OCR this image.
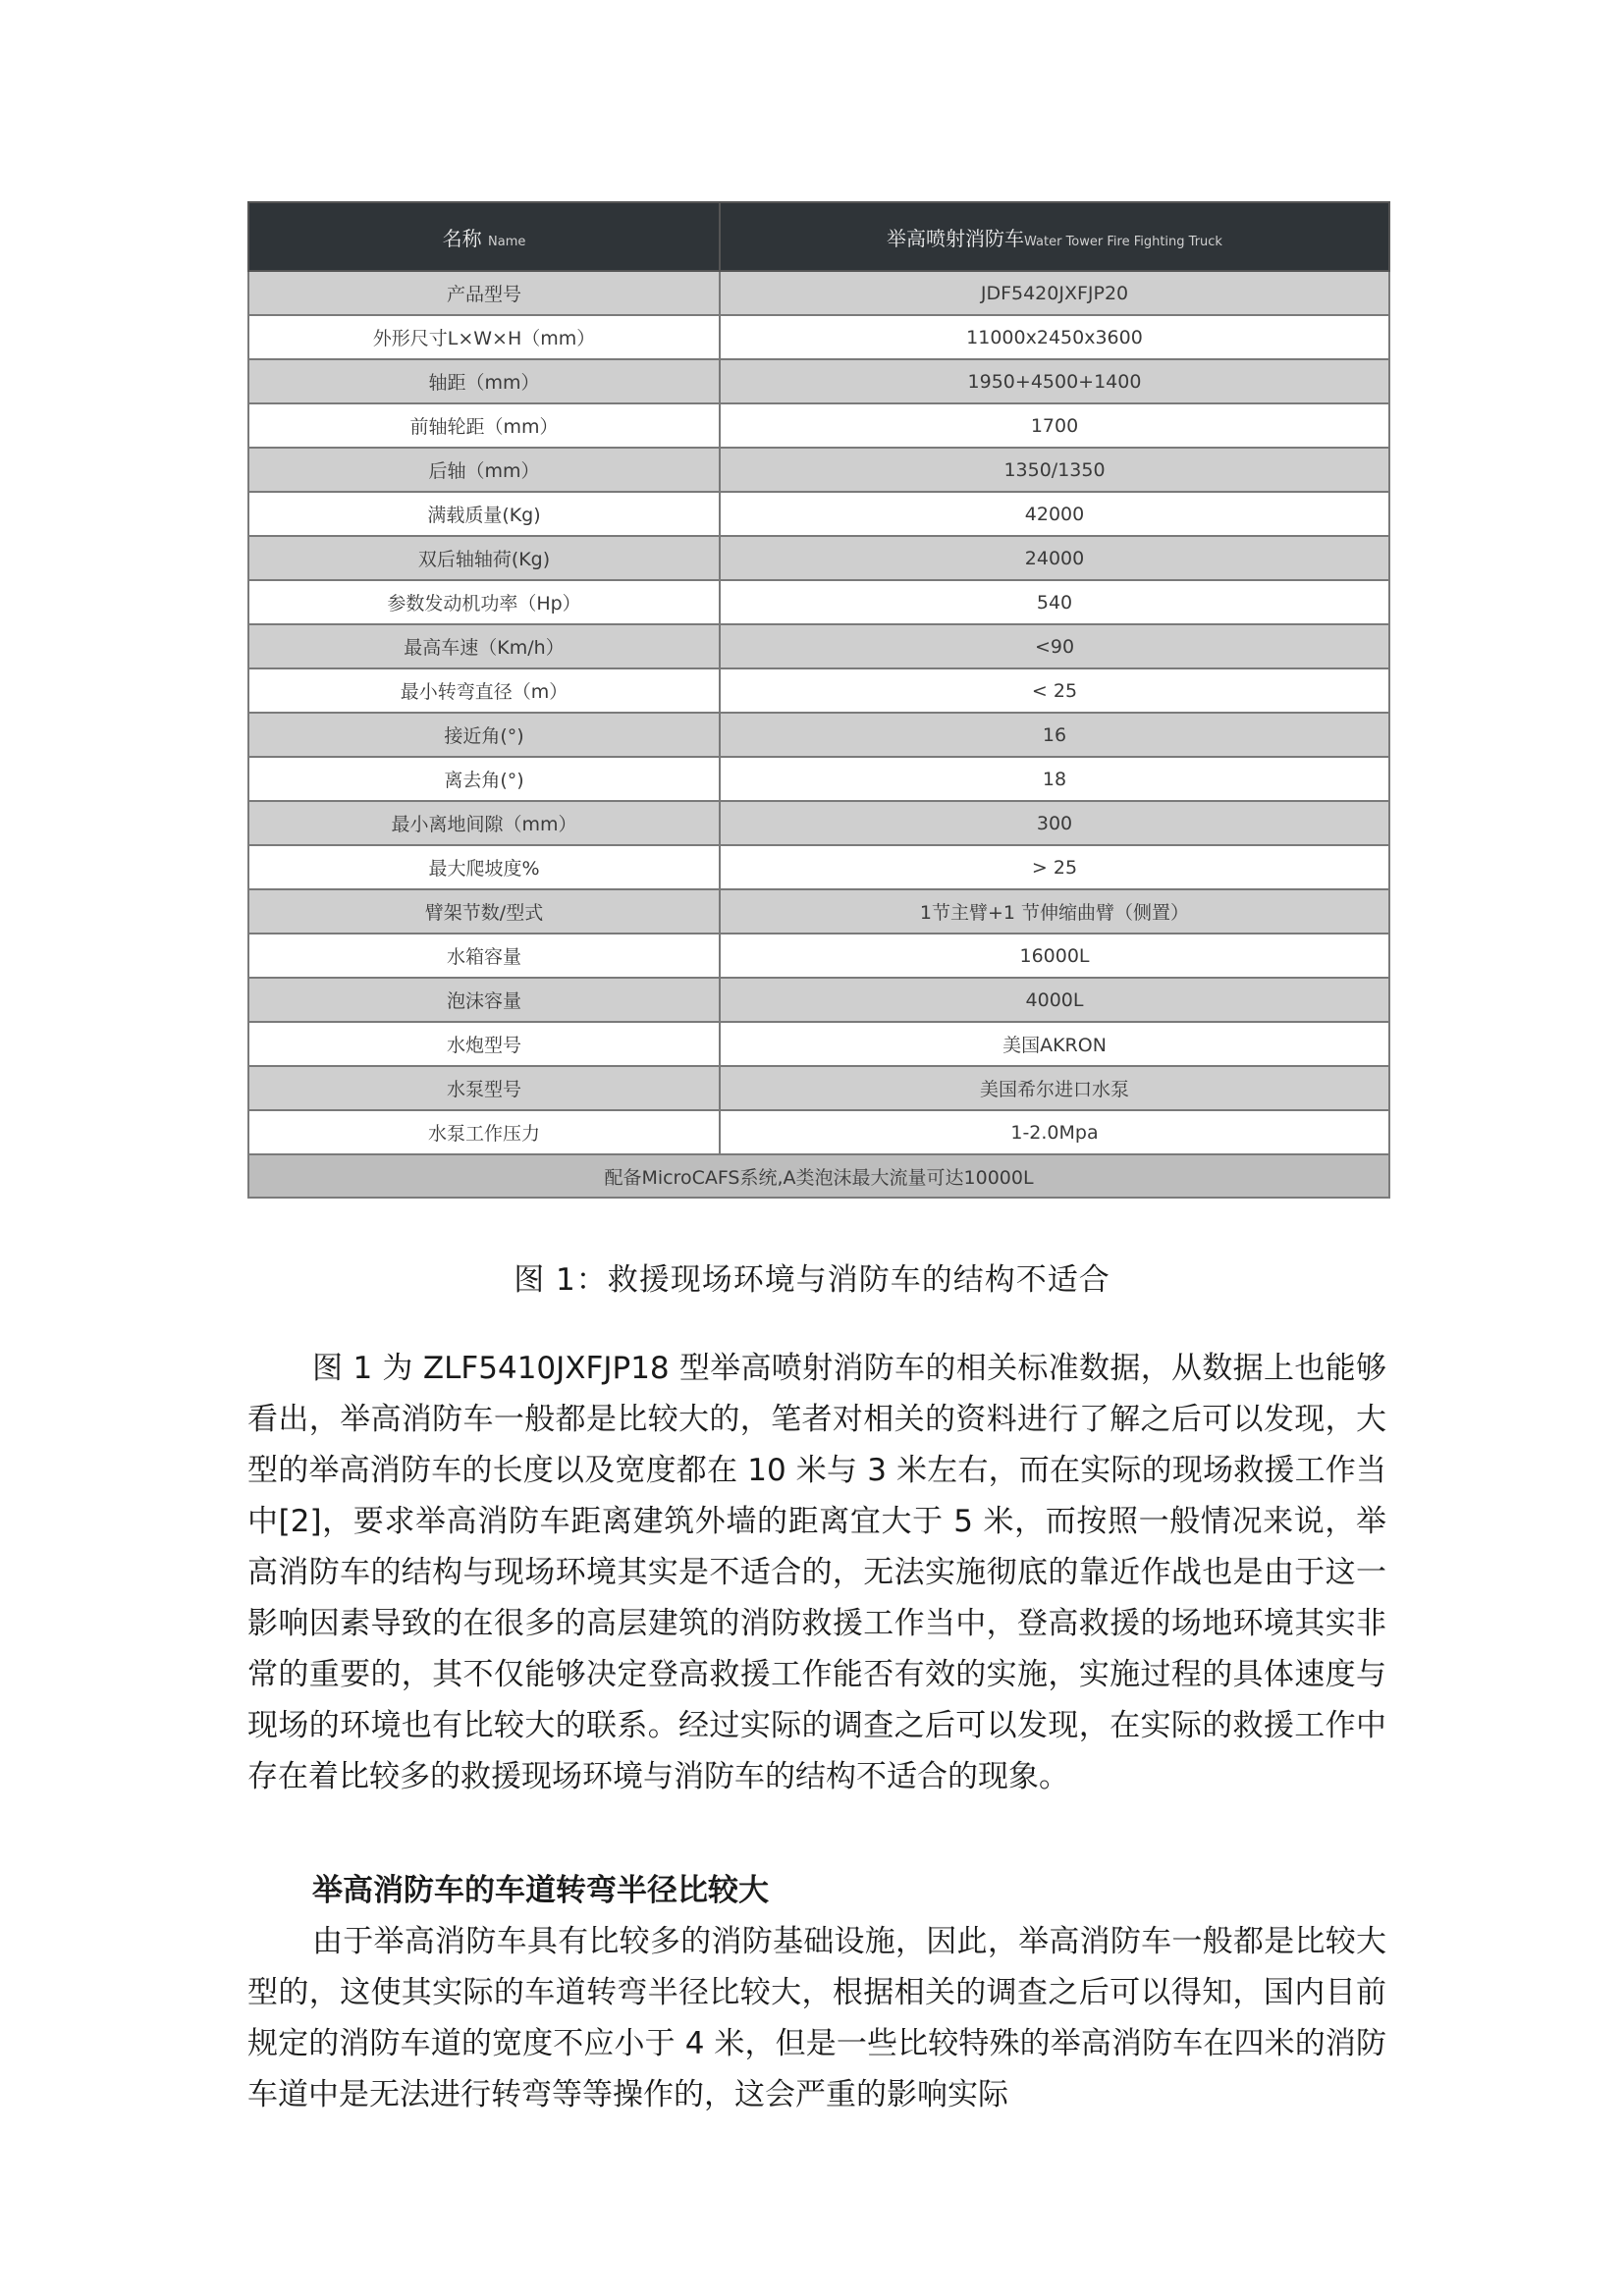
名称 Name	举高喷射消防车Water Tower Fire Fighting Truck
产品型号	JDF5420JXFJP20
外形尺寸L×W×H（mm）	11000x2450x3600
轴距（mm）	1950+4500+1400
前轴轮距（mm）	1700
后轴（mm）	1350/1350
满载质量(Kg)	42000
双后轴轴荷(Kg)	24000
参数发动机功率（Hp）	540
最高车速（Km/h）	<90
最小转弯直径（m）	< 25
接近角(°)	16
离去角(°)	18
最小离地间隙（mm）	300
最大爬坡度%	> 25
臂架节数/型式	1节主臂+1 节伸缩曲臂（侧置）
水箱容量	16000L
泡沫容量	4000L
水炮型号	美国AKRON
水泵型号	美国希尔进口水泵
水泵工作压力	1-2.0Mpa
配备MicroCAFS系统,A类泡沫最大流量可达10000L	
图 1：救援现场环境与消防车的结构不适合
图 1 为 ZLF5410JXFJP18 型举高喷射消防车的相关标准数据，从数据上也能够看出，举高消防车一般都是比较大的，笔者对相关的资料进行了解之后可以发现，大型的举高消防车的长度以及宽度都在 10 米与 3 米左右，而在实际的现场救援工作当中[2]，要求举高消防车距离建筑外墙的距离宜大于 5 米，而按照一般情况来说，举高消防车的结构与现场环境其实是不适合的，无法实施彻底的靠近作战也是由于这一影响因素导致的在很多的高层建筑的消防救援工作当中，登高救援的场地环境其实非常的重要的，其不仅能够决定登高救援工作能否有效的实施，实施过程的具体速度与现场的环境也有比较大的联系。经过实际的调查之后可以发现，在实际的救援工作中存在着比较多的救援现场环境与消防车的结构不适合的现象。
举高消防车的车道转弯半径比较大
由于举高消防车具有比较多的消防基础设施，因此，举高消防车一般都是比较大型的，这使其实际的车道转弯半径比较大，根据相关的调查之后可以得知，国内目前规定的消防车道的宽度不应小于 4 米，但是一些比较特殊的举高消防车在四米的消防车道中是无法进行转弯等等操作的，这会严重的影响实际
